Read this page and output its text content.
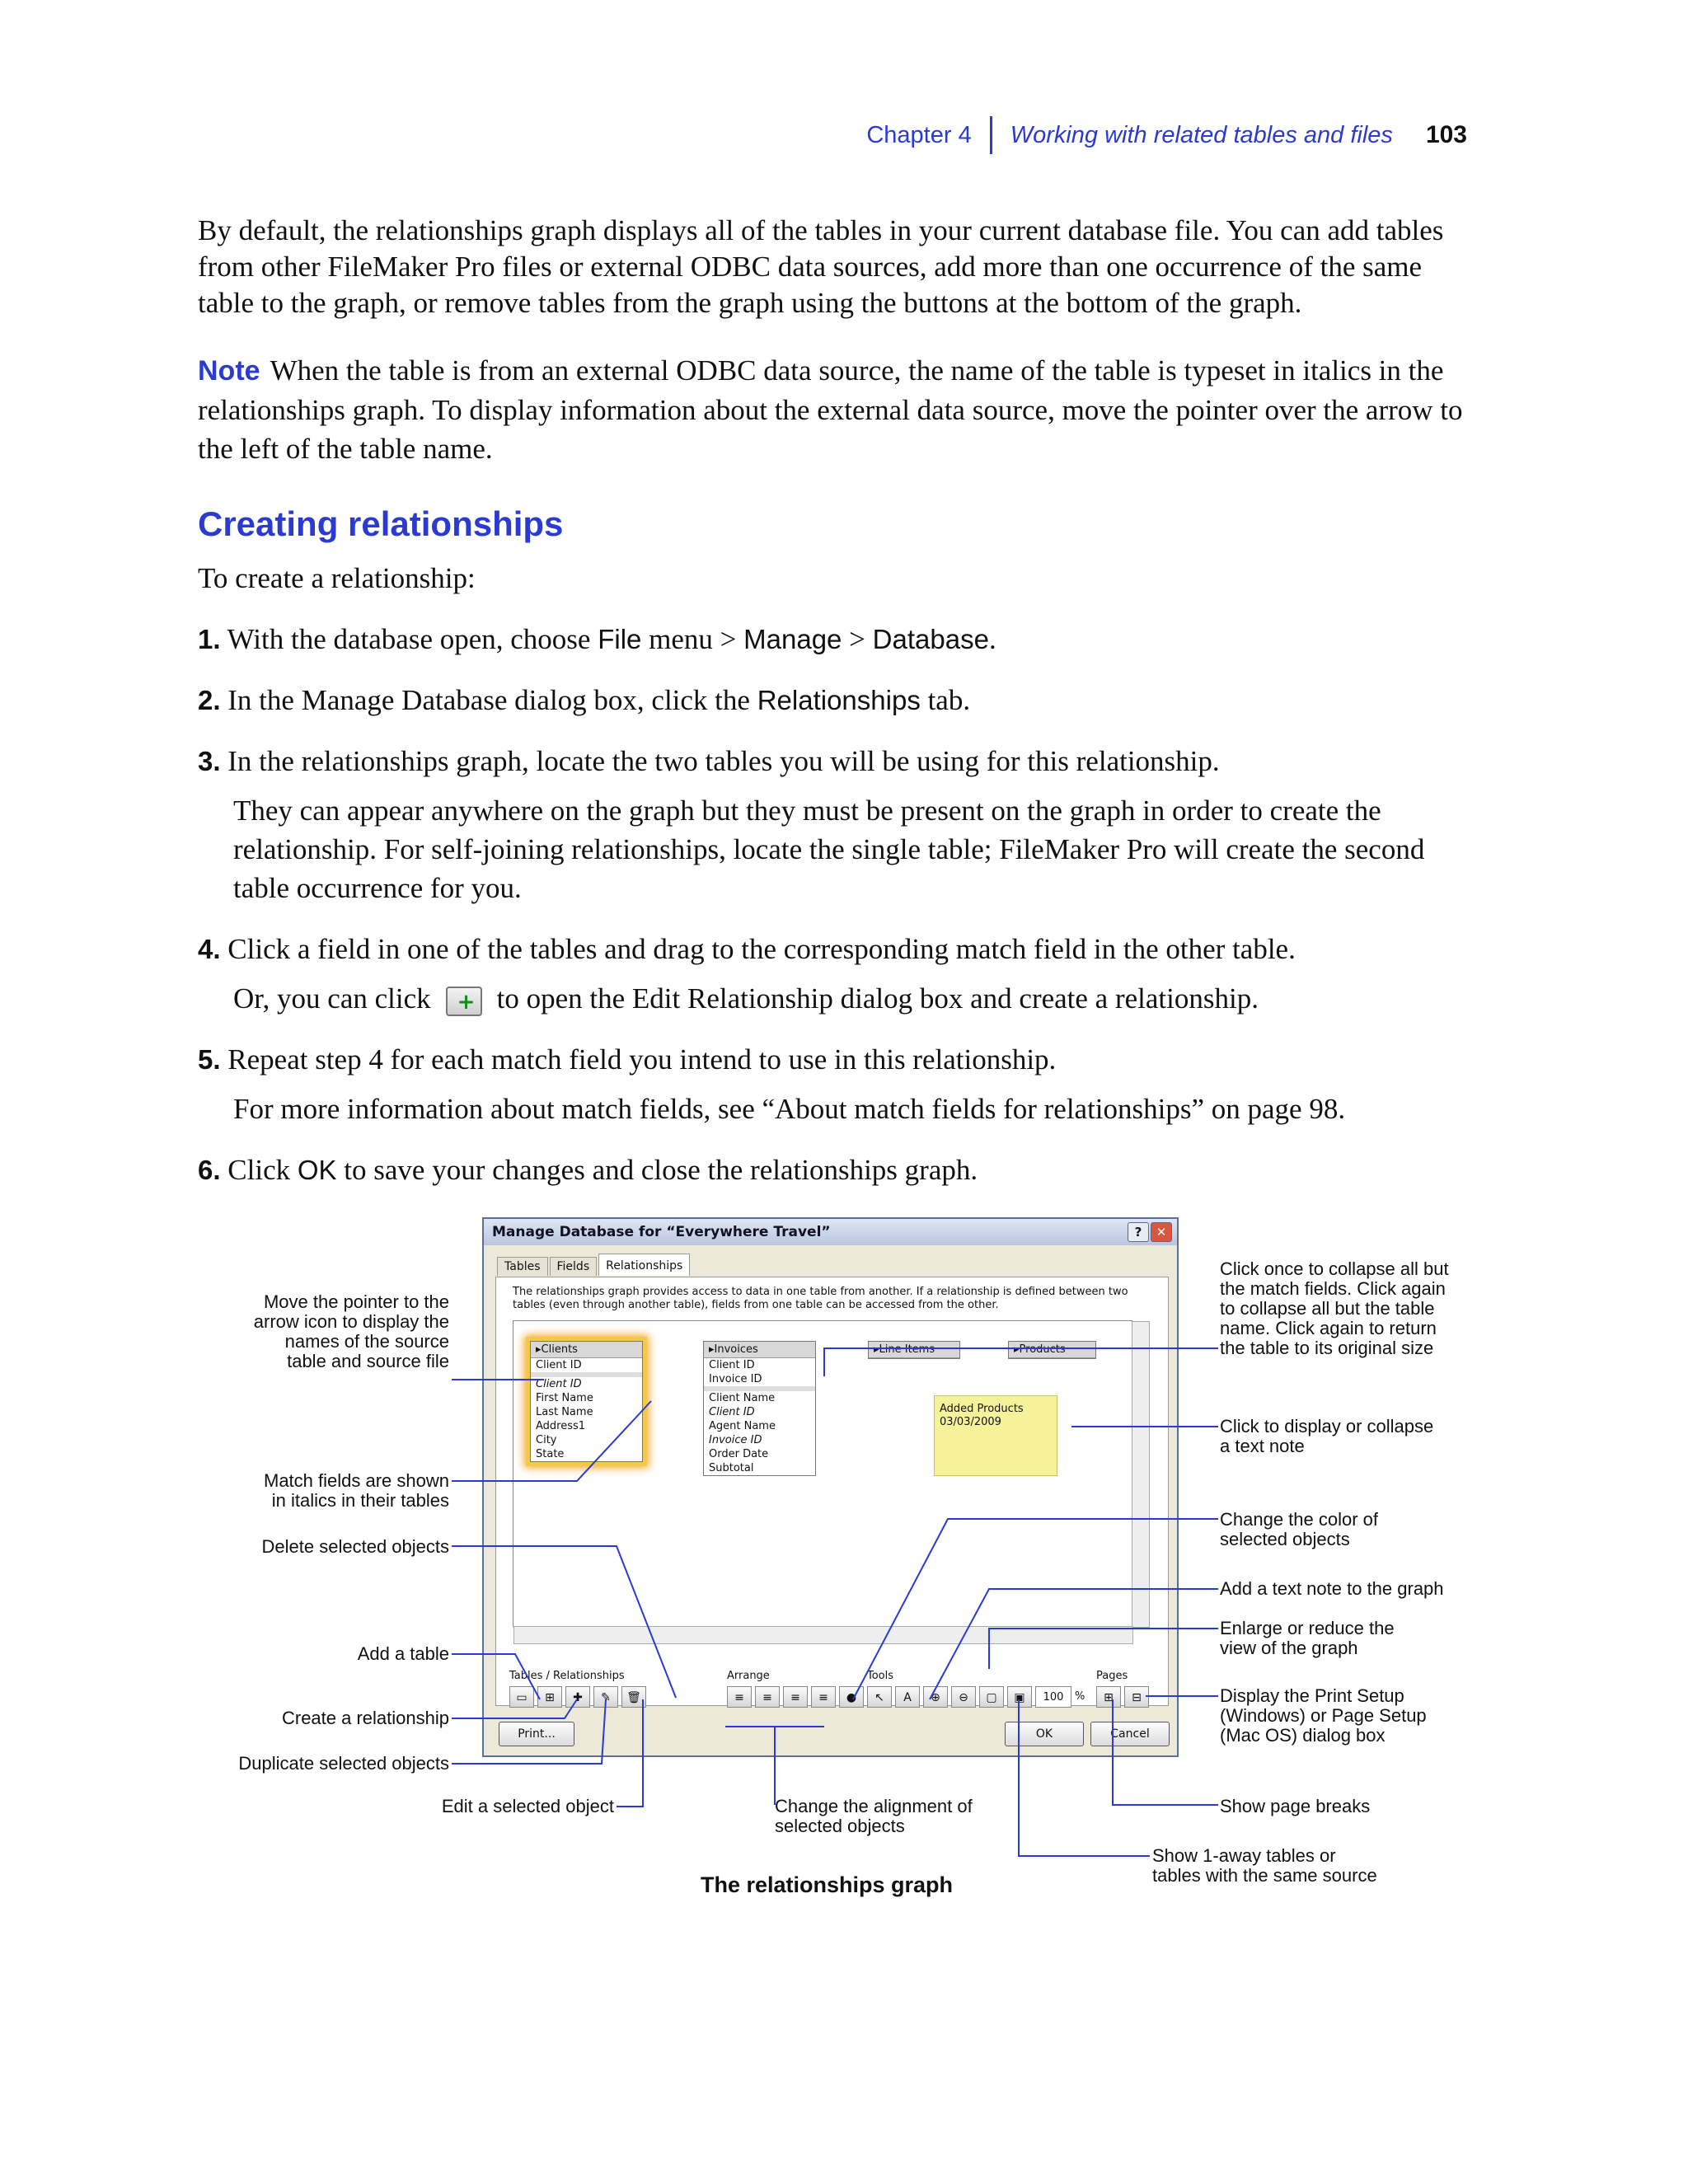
Chapter 4 Working with related tables and files 103
By default, the relationships graph displays all of the tables in your current database file. You can add tables from other FileMaker Pro files or external ODBC data sources, add more than one occurrence of the same table to the graph, or remove tables from the graph using the buttons at the bottom of the graph.
Note When the table is from an external ODBC data source, the name of the table is typeset in italics in the relationships graph. To display information about the external data source, move the pointer over the arrow to the left of the table name.
Creating relationships
To create a relationship:
1. With the database open, choose File menu > Manage > Database.
2. In the Manage Database dialog box, click the Relationships tab.
3. In the relationships graph, locate the two tables you will be using for this relationship.
They can appear anywhere on the graph but they must be present on the graph in order to create the relationship. For self-joining relationships, locate the single table; FileMaker Pro will create the second table occurrence for you.
4. Click a field in one of the tables and drag to the corresponding match field in the other table.
Or, you can click+ to open the Edit Relationship dialog box and create a relationship.
5. Repeat step 4 for each match field you intend to use in this relationship.
For more information about match fields, see “About match fields for relationships” on page 98.
6. Click OK to save your changes and close the relationships graph.
Manage Database for “Everywhere Travel”	?	✕
Tables	Fields	Relationships
The relationships graph provides access to data in one table from another. If a relationship is defined between two tables (even through another table), fields from one table can be accessed from the other.
▸Clients
Client ID
Client ID
First Name
Last Name
Address1
City
State
▸Invoices
Client ID
Invoice ID
Client Name
Client ID
Agent Name
Invoice ID
Order Date
Subtotal
▸Line Items	▸Products
Added Products
03/03/2009
Tables / Relationships	Arrange	Tools	Pages
▭	⊞	✚	✎	🗑	≡	≡	≡	≡	●	↖	A	⊕	⊖	▢	▣	100	%	⊞	⊟
Print...	OK	Cancel
Move the pointer to the arrow icon to display the names of the source table and source file
Match fields are shown in italics in their tables
Delete selected objects
Add a table
Create a relationship
Duplicate selected objects
Edit a selected object	Change the alignment of selected objects
Click once to collapse all but the match fields. Click again to collapse all but the table name. Click again to return the table to its original size
Click to display or collapse a text note
Change the color of selected objects
Add a text note to the graph
Enlarge or reduce the view of the graph
Display the Print Setup (Windows) or Page Setup (Mac OS) dialog box
Show page breaks
Show 1-away tables or tables with the same source
The relationships graph
